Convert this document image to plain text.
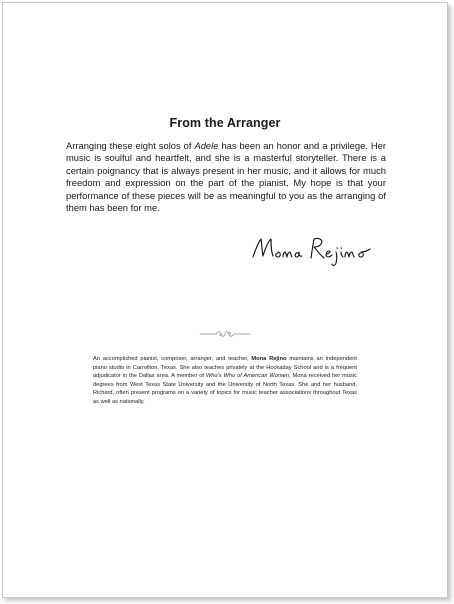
From the Arranger

Arranging these eight solos of Adele has been an honor and a privilege. Her music is soulful and heartfelt, and she is a masterful storyteller. There is a certain poignancy that is always present in her music, and it allows for much freedom and expression on the part of the pianist. My hope is that your performance of these pieces will be as meaningful to you as the arranging of them has been for me.

An accomplished pianist, composer, arranger, and teacher, Mona Rejino maintains an independent piano studio in Carrollton, Texas. She also teaches privately at the Hockaday School and is a frequent adjudicator in the Dallas area. A member of Who’s Who of American Women, Mona received her music degrees from West Texas State University and the University of North Texas. She and her husband, Richard, often present programs on a variety of topics for music teacher associations throughout Texas as well as nationally.
